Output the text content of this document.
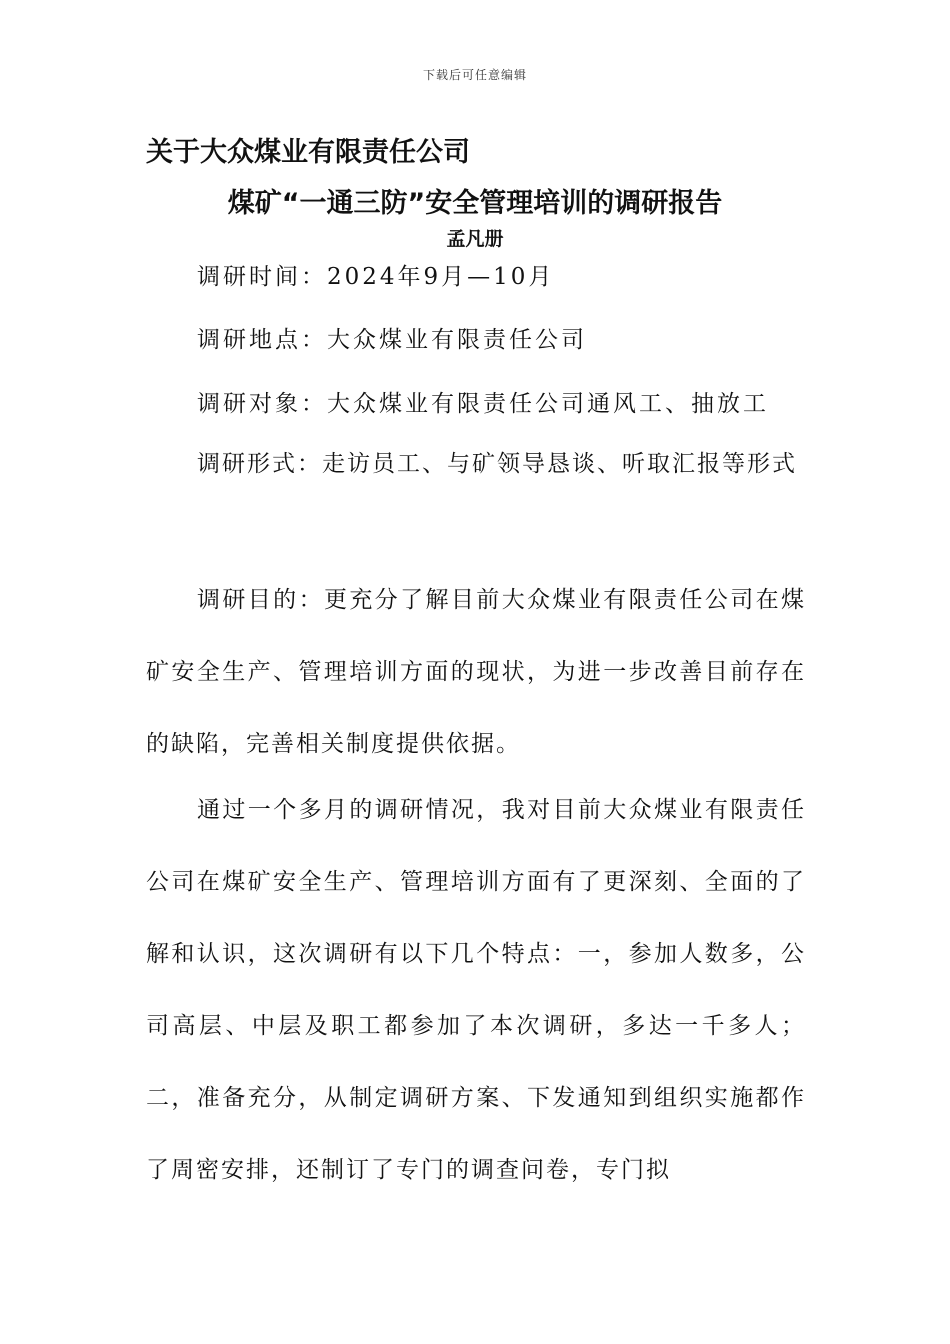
下载后可任意编辑
关于大众煤业有限责任公司
煤矿“一通三防”安全管理培训的调研报告
孟凡册
调研时间：2024年9月—10月
调研地点：大众煤业有限责任公司
调研对象：大众煤业有限责任公司通风工、抽放工

调研形式：走访员工、与矿领导恳谈、听取汇报等形式

调研目的：更充分了解目前大众煤业有限责任公司在煤矿安全生产、管理培训方面的现状，为进一步改善目前存在的缺陷，完善相关制度提供依据。

通过一个多月的调研情况，我对目前大众煤业有限责任公司在煤矿安全生产、管理培训方面有了更深刻、全面的了解和认识，这次调研有以下几个特点：一，参加人数多，公司高层、中层及职工都参加了本次调研，多达一千多人；二，准备充分，从制定调研方案、下发通知到组织实施都作了周密安排，还制订了专门的调查问卷，专门拟
